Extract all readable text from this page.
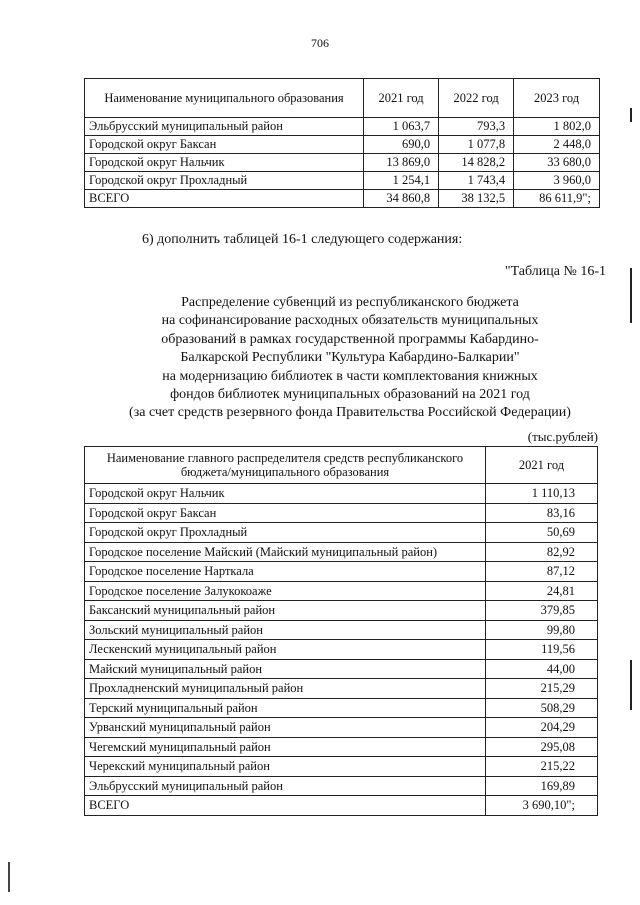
706
Наименование муниципального образования	2021 год	2022 год	2023 год
Эльбрусский муниципальный район	1 063,7	793,3	1 802,0
Городской округ Баксан	690,0	1 077,8	2 448,0
Городской округ Нальчик	13 869,0	14 828,2	33 680,0
Городской округ Прохладный	1 254,1	1 743,4	3 960,0
ВСЕГО	34 860,8	38 132,5	86 611,9";
6) дополнить таблицей 16-1 следующего содержания:
"Таблица № 16-1
Распределение субвенций из республиканского бюджета
на софинансирование расходных обязательств муниципальных
образований в рамках государственной программы Кабардино-
Балкарской Республики "Культура Кабардино-Балкарии"
на модернизацию библиотек в части комплектования книжных
фондов библиотек муниципальных образований на 2021 год
(за счет средств резервного фонда Правительства Российской Федерации)
(тыс.рублей)
Наименование главного распределителя средств республиканского бюджета/муниципального образования	2021 год
Городской округ Нальчик	1 110,13
Городской округ Баксан	83,16
Городской округ Прохладный	50,69
Городское поселение Майский (Майский муниципальный район)	82,92
Городское поселение Нарткала	87,12
Городское поселение Залукокоаже	24,81
Баксанский муниципальный район	379,85
Зольский муниципальный район	99,80
Лескенский муниципальный район	119,56
Майский муниципальный район	44,00
Прохладненский муниципальный район	215,29
Терский муниципальный район	508,29
Урванский муниципальный район	204,29
Чегемский муниципальный район	295,08
Черекский муниципальный район	215,22
Эльбрусский муниципальный район	169,89
ВСЕГО	3 690,10";
